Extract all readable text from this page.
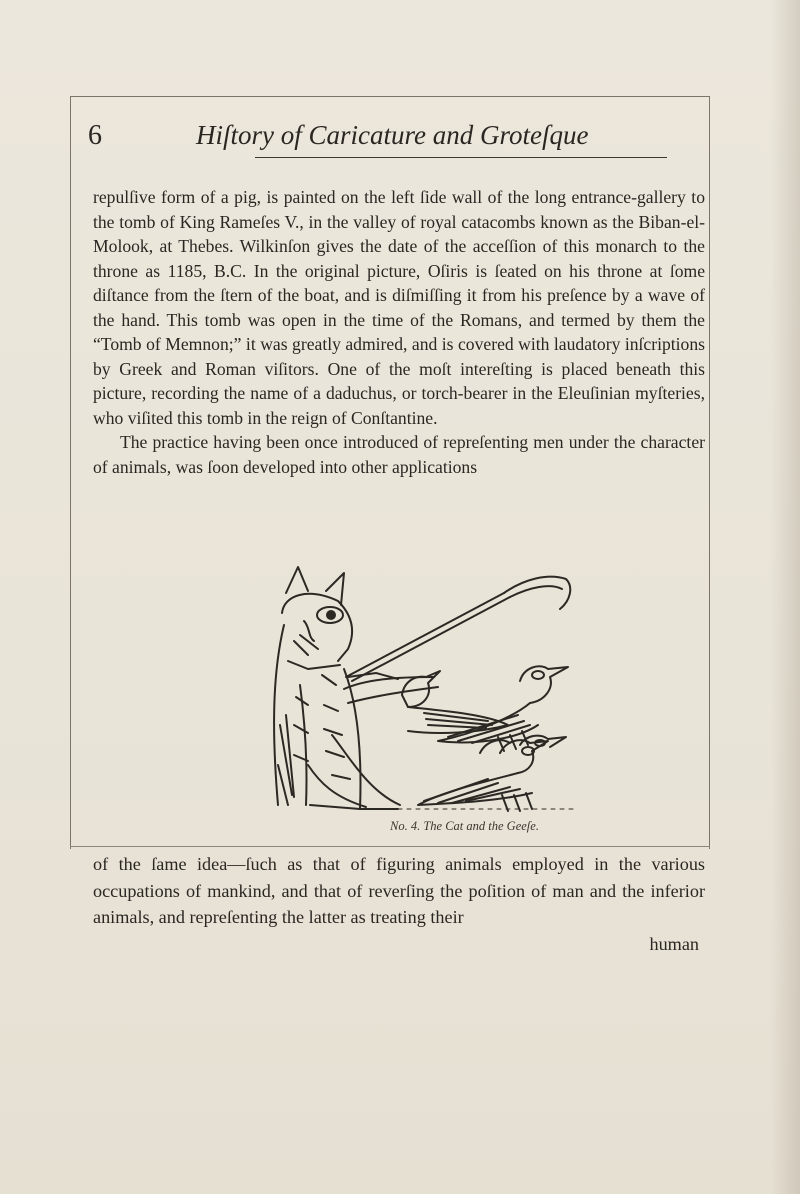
6	Hiſtory of Caricature and Groteſque

repulſive form of a pig, is painted on the left ſide wall of the long entrance-gallery to the tomb of King Rameſes V., in the valley of royal catacombs known as the Biban-el-Molook, at Thebes. Wilkinſon gives the date of the acceſſion of this monarch to the throne as 1185, B.C. In the original picture, Oſiris is ſeated on his throne at ſome diſtance from the ſtern of the boat, and is diſmiſſing it from his preſence by a wave of the hand. This tomb was open in the time of the Romans, and termed by them the “Tomb of Memnon;” it was greatly admired, and is covered with laudatory inſcriptions by Greek and Roman viſitors. One of the moſt intereſting is placed beneath this picture, recording the name of a daduchus, or torch-bearer in the Eleuſinian myſteries, who viſited this tomb in the reign of Conſtantine.

The practice having been once introduced of repreſenting men under the character of animals, was ſoon developed into other applications

No. 4. The Cat and the Geeſe.

of the ſame idea—ſuch as that of figuring animals employed in the various occupations of mankind, and that of reverſing the poſition of man and the inferior animals, and repreſenting the latter as treating their

human
